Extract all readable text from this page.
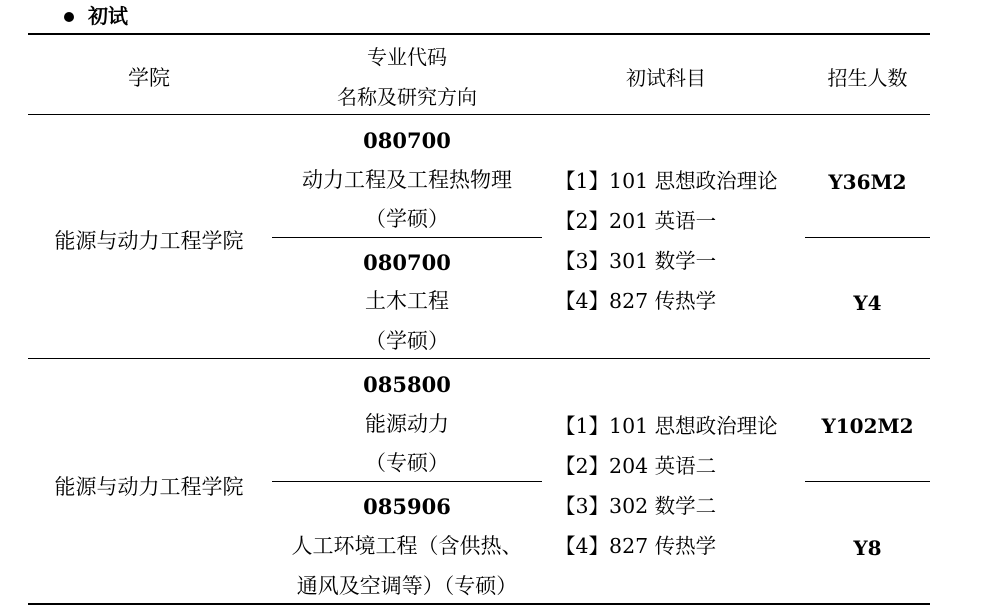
初试
学院
专业代码
名称及研究方向
初试科目	招生人数
能源与动力工程学院
080700
动力工程及工程热物理
（学硕）
080700
土木工程
（学硕）
【1】101 思想政治理论
【2】201 英语一
【3】301 数学一
【4】827 传热学
Y36M2
Y4
能源与动力工程学院
085800
能源动力
（专硕）
085906
人工环境工程（含供热、
通风及空调等）（专硕）
【1】101 思想政治理论
【2】204 英语二
【3】302 数学二
【4】827 传热学
Y102M2
Y8
